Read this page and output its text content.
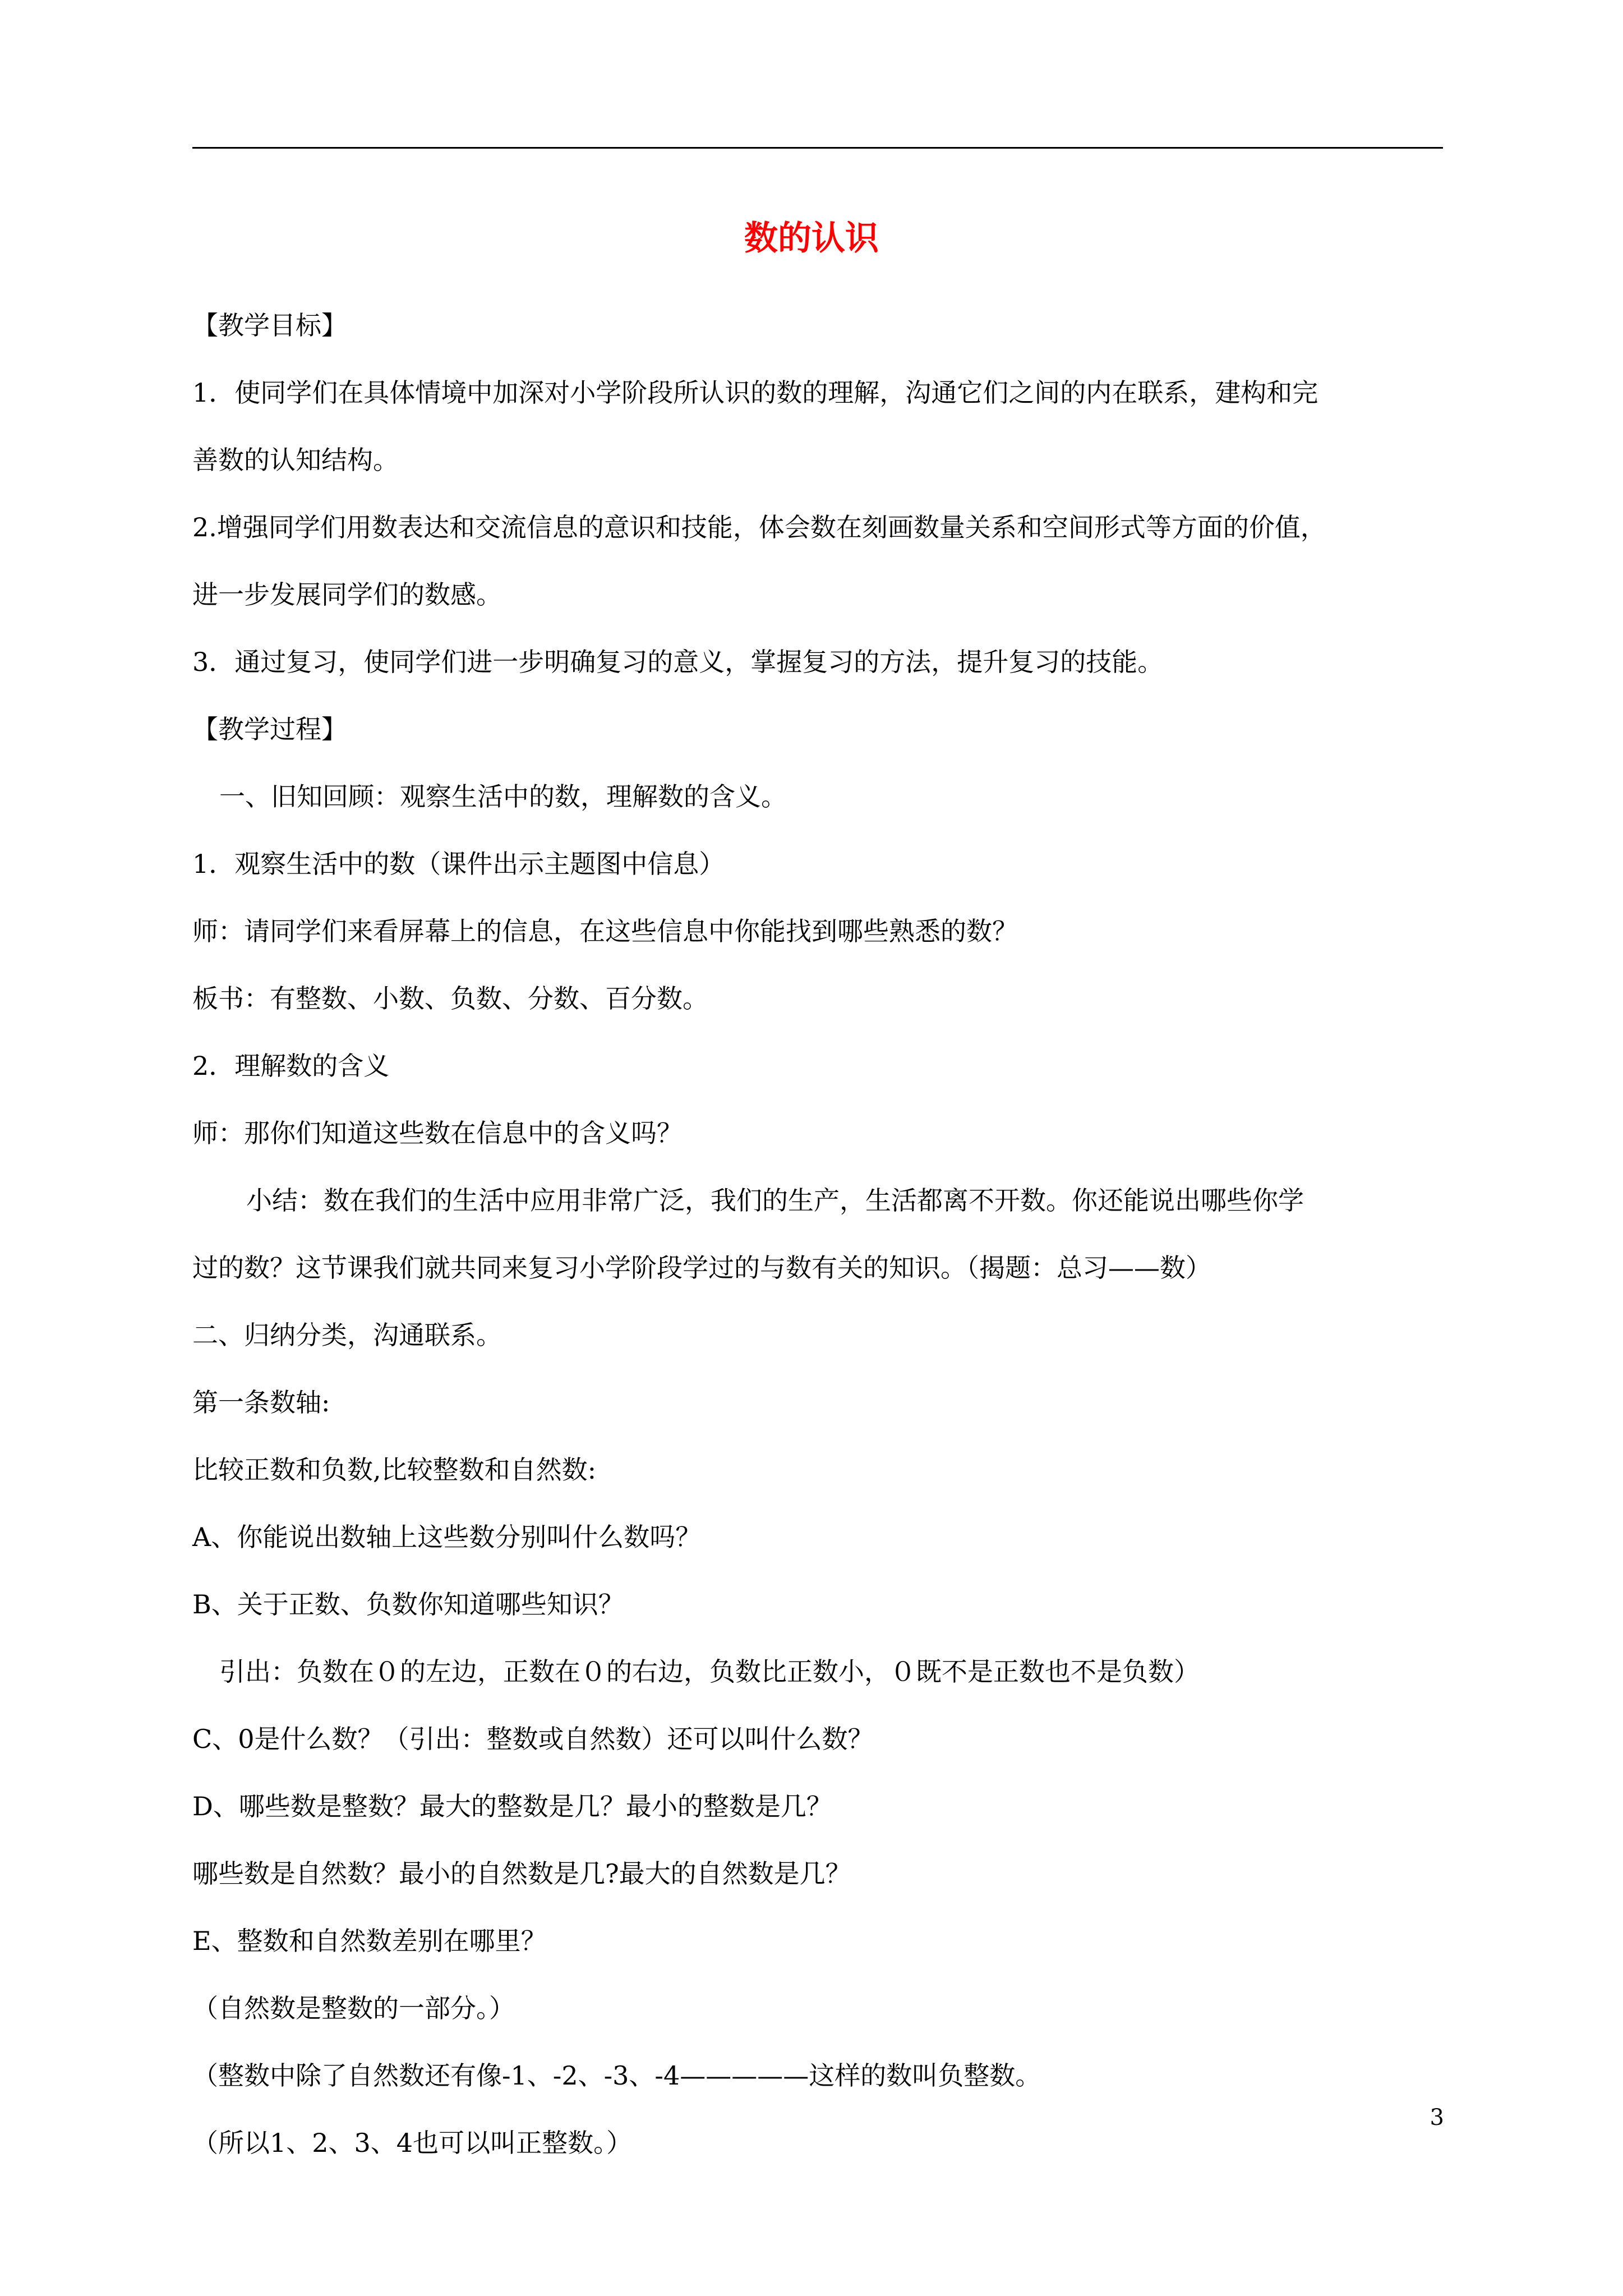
数的认识
【教学目标】
1．使同学们在具体情境中加深对小学阶段所认识的数的理解，沟通它们之间的内在联系，建构和完
善数的认知结构。
2.增强同学们用数表达和交流信息的意识和技能，体会数在刻画数量关系和空间形式等方面的价值，
进一步发展同学们的数感。
3．通过复习，使同学们进一步明确复习的意义，掌握复习的方法，提升复习的技能。
【教学过程】
一、旧知回顾：观察生活中的数，理解数的含义。
1．观察生活中的数（课件出示主题图中信息）
师：请同学们来看屏幕上的信息，在这些信息中你能找到哪些熟悉的数？
板书：有整数、小数、负数、分数、百分数。
2．理解数的含义
师：那你们知道这些数在信息中的含义吗？
小结：数在我们的生活中应用非常广泛，我们的生产，生活都离不开数。你还能说出哪些你学
过的数？这节课我们就共同来复习小学阶段学过的与数有关的知识。（揭题：总习——数）
二、归纳分类，沟通联系。
第一条数轴:
比较正数和负数,比较整数和自然数:
A、你能说出数轴上这些数分别叫什么数吗？
B、关于正数、负数你知道哪些知识？
引出：负数在０的左边，正数在０的右边，负数比正数小，０既不是正数也不是负数）
C、0是什么数？（引出：整数或自然数）还可以叫什么数？
D、哪些数是整数？最大的整数是几？最小的整数是几？
哪些数是自然数？最小的自然数是几?最大的自然数是几？
E、整数和自然数差别在哪里？
（自然数是整数的一部分。）
（整数中除了自然数还有像-1、-2、-3、-4—————这样的数叫负整数。
（所以1、2、3、4也可以叫正整数。）
3
